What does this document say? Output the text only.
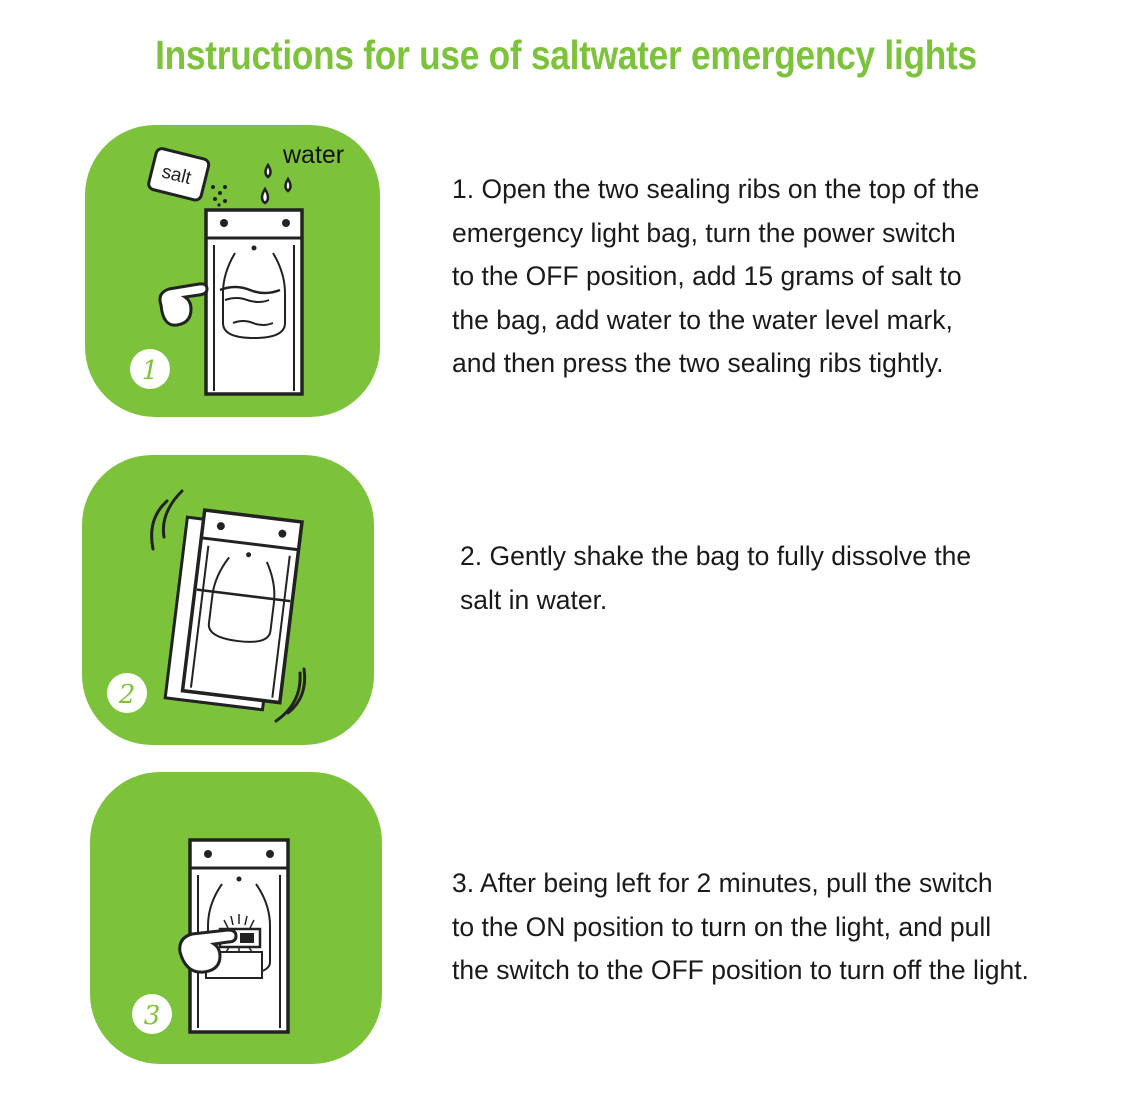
Instructions for use of saltwater emergency lights
salt
water
1
1. Open the two sealing ribs on the top of the
emergency light bag, turn the power switch
to the OFF position, add 15 grams of salt to
the bag, add water to the water level mark,
and then press the two sealing ribs tightly.
2
2. Gently shake the bag to fully dissolve the
salt in water.
3
3. After being left for 2 minutes, pull the switch
to the ON position to turn on the light, and pull
the switch to the OFF position to turn off the light.
